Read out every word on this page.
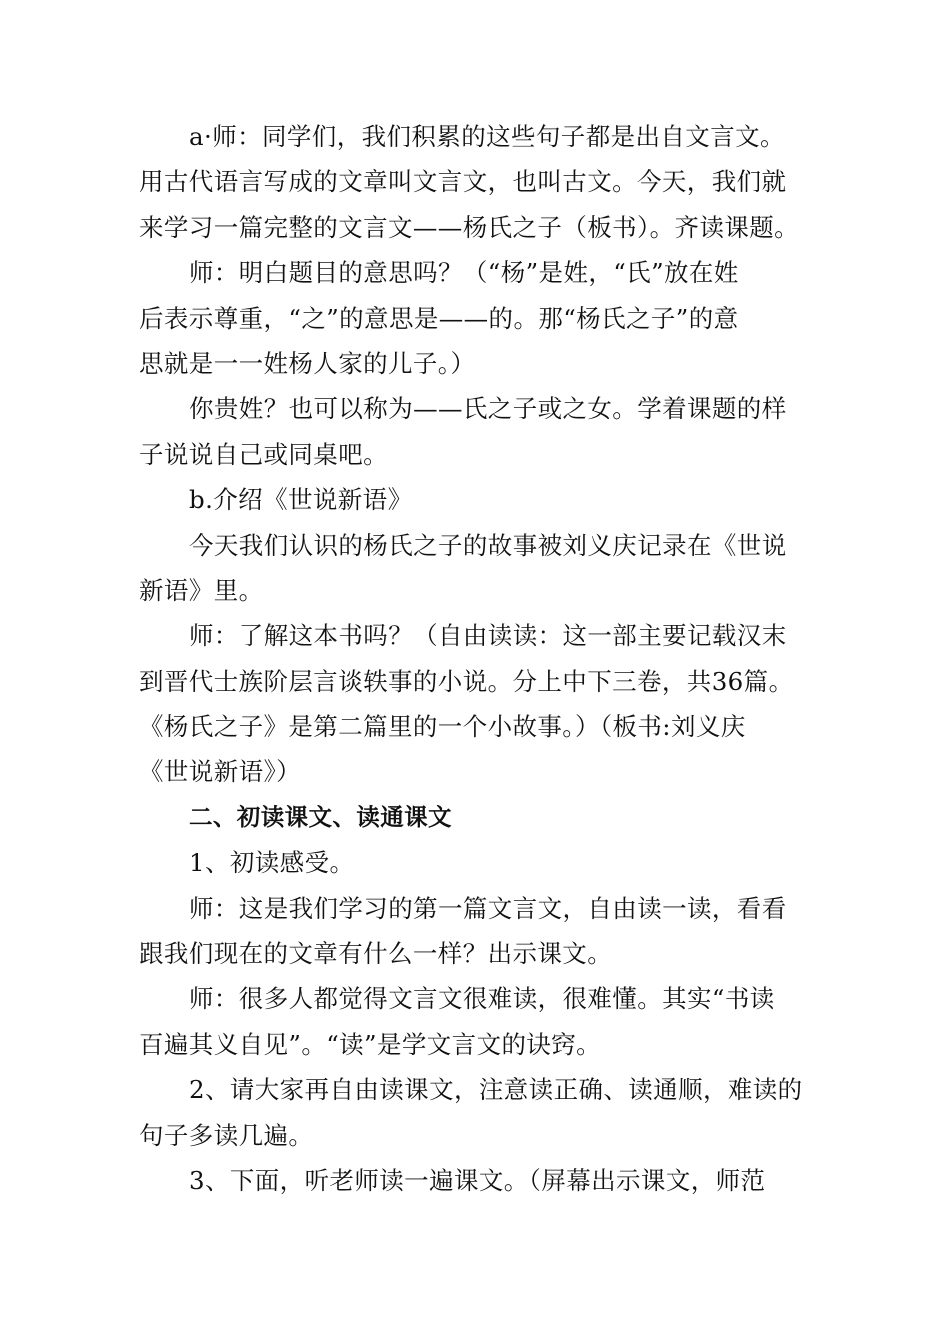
a·师：同学们，我们积累的这些句子都是出自文言文。
用古代语言写成的文章叫文言文，也叫古文。今天，我们就
来学习一篇完整的文言文——杨氏之子（板书）。齐读课题。
师：明白题目的意思吗？（“杨”是姓，“氏”放在姓
后表示尊重，“之”的意思是——的。那“杨氏之子”的意
思就是一一姓杨人家的儿子。）
你贵姓？也可以称为——氏之子或之女。学着课题的样
子说说自己或同桌吧。
b.介绍《世说新语》
今天我们认识的杨氏之子的故事被刘义庆记录在《世说
新语》里。
师：了解这本书吗？（自由读读：这一部主要记载汉末
到晋代士族阶层言谈轶事的小说。分上中下三卷，共36篇。
《杨氏之子》是第二篇里的一个小故事。）（板书:刘义庆
《世说新语》）
二、初读课文、读通课文
1、初读感受。
师：这是我们学习的第一篇文言文，自由读一读，看看
跟我们现在的文章有什么一样？出示课文。
师：很多人都觉得文言文很难读，很难懂。其实“书读
百遍其义自见”。“读”是学文言文的诀窍。
2、请大家再自由读课文，注意读正确、读通顺，难读的
句子多读几遍。
3、下面，听老师读一遍课文。（屏幕出示课文，师范
